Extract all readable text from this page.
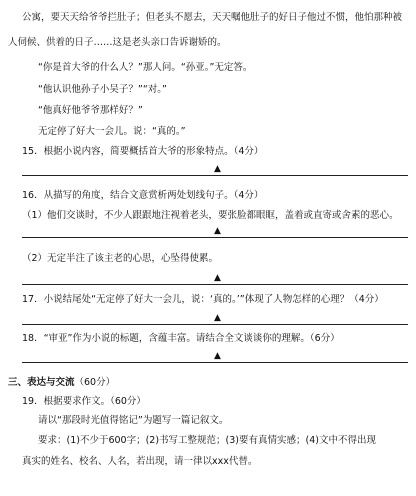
公寓，要天天给爷爷拦肚子；但老头不愿去，天天嘱他肚子的好日子他过不惯，他怕那种被
人伺候、供着的日子……这是老头亲口告诉谢娇的。
“你是首大爷的什么人？”那人问。“孙亚。”无定答。
“他认识他孙子小吴子？”“对。”
“他真好他爷爷那样好？”
无定停了好大一会儿。说：“真的。”
15．根据小说内容，简要概括首大爷的形象特点。（4分）
▲
16．从描写的角度，结合文意赏析两处划线句子。（4分）
（1）他们交谈时，不少人跟跟地注视着老头，要张脸都眼眶，盖着或直寄或舍素的恶心。
▲
（2）无定半注了该主老的心思，心坠得使累。
▲
17．小说结尾处“无定停了好大一会儿，说：‘真的。’”体现了人物怎样的心理？（4分）
▲
18．“审亚”作为小说的标题，含蕴丰富。请结合全文谈谈你的理解。（6分）
▲
三、表达与交流（60分）
19．根据要求作文。（60分）
请以“那段时光值得铭记”为题写一篇记叙文。
要求：(1)不少于600字；(2)书写工整规范；(3)要有真情实感；(4)文中不得出现
真实的姓名、校名、人名，若出现，请一律以xxx代替。
